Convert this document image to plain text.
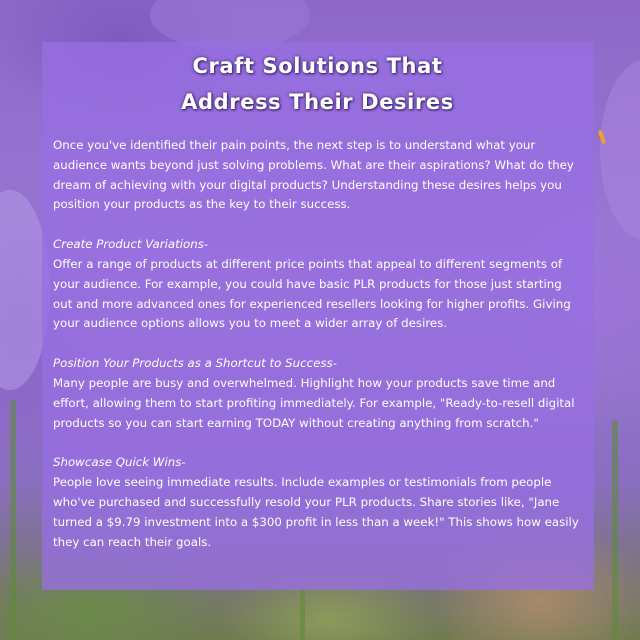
Craft Solutions That
Address Their Desires

Once you've identified their pain points, the next step is to understand what your audience wants beyond just solving problems. What are their aspirations? What do they dream of achieving with your digital products? Understanding these desires helps you position your products as the key to their success.

Create Product Variations-
Offer a range of products at different price points that appeal to different segments of your audience. For example, you could have basic PLR products for those just starting out and more advanced ones for experienced resellers looking for higher profits. Giving your audience options allows you to meet a wider array of desires.

Position Your Products as a Shortcut to Success-
Many people are busy and overwhelmed. Highlight how your products save time and effort, allowing them to start profiting immediately. For example, "Ready-to-resell digital products so you can start earning TODAY without creating anything from scratch."

Showcase Quick Wins-
People love seeing immediate results. Include examples or testimonials from people who've purchased and successfully resold your PLR products. Share stories like, "Jane turned a $9.79 investment into a $300 profit in less than a week!" This shows how easily they can reach their goals.
